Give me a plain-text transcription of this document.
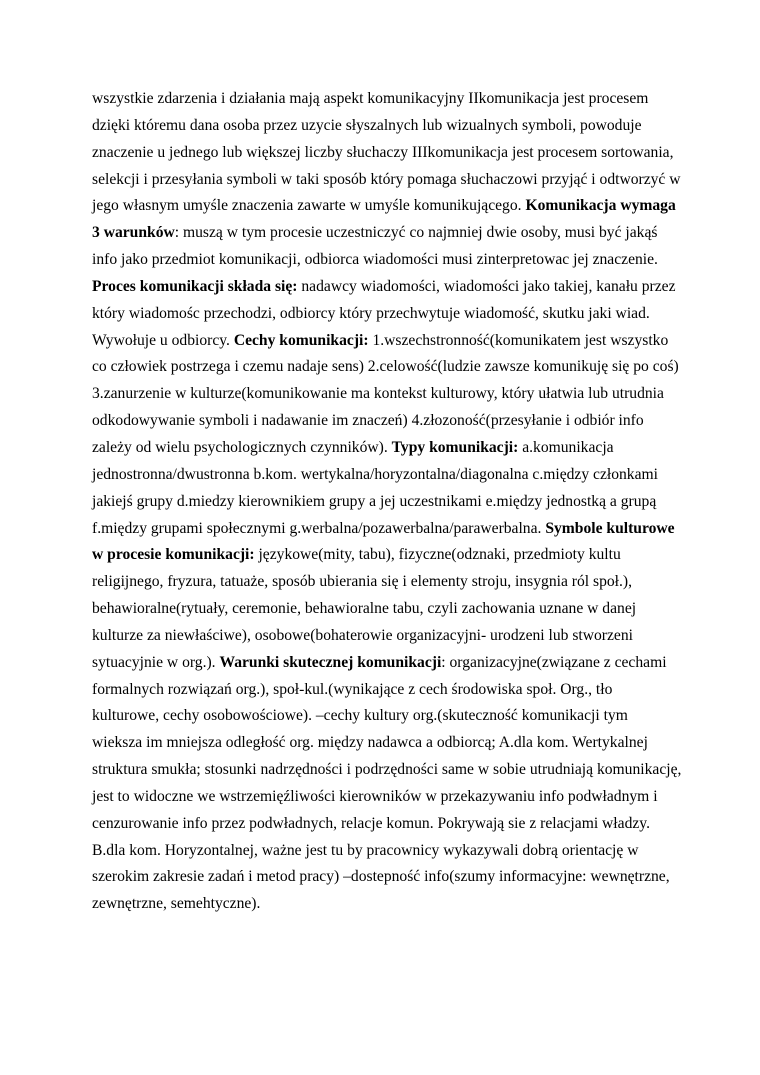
wszystkie zdarzenia i działania mają aspekt komunikacyjny IIkomunikacja jest procesem
dzięki któremu dana osoba przez uzycie słyszalnych lub wizualnych symboli, powoduje
znaczenie u jednego lub większej liczby słuchaczy IIIkomunikacja jest procesem sortowania,
selekcji i przesyłania symboli w taki sposób który pomaga słuchaczowi przyjąć i odtworzyć w
jego własnym umyśle znaczenia zawarte w umyśle komunikującego. Komunikacja wymaga
3 warunków: muszą w tym procesie uczestniczyć co najmniej dwie osoby, musi być jakąś
info jako przedmiot komunikacji, odbiorca wiadomości musi zinterpretowac jej znaczenie.
Proces komunikacji składa się: nadawcy wiadomości, wiadomości jako takiej, kanału przez
który wiadomośc przechodzi, odbiorcy który przechwytuje wiadomość, skutku jaki wiad.
Wywołuje u odbiorcy. Cechy komunikacji: 1.wszechstronność(komunikatem jest wszystko
co człowiek postrzega i czemu nadaje sens) 2.celowość(ludzie zawsze komunikuję się po coś)
3.zanurzenie w kulturze(komunikowanie ma kontekst kulturowy, który ułatwia lub utrudnia
odkodowywanie symboli i nadawanie im znaczeń) 4.złozoność(przesyłanie i odbiór info
zależy od wielu psychologicznych czynników). Typy komunikacji: a.komunikacja
jednostronna/dwustronna b.kom. wertykalna/horyzontalna/diagonalna c.między członkami
jakiejś grupy d.miedzy kierownikiem grupy a jej uczestnikami e.między jednostką a grupą
f.między grupami społecznymi g.werbalna/pozawerbalna/parawerbalna. Symbole kulturowe
w procesie komunikacji: językowe(mity, tabu), fizyczne(odznaki, przedmioty kultu
religijnego, fryzura, tatuaże, sposób ubierania się i elementy stroju, insygnia ról społ.),
behawioralne(rytuały, ceremonie, behawioralne tabu, czyli zachowania uznane w danej
kulturze za niewłaściwe), osobowe(bohaterowie organizacyjni- urodzeni lub stworzeni
sytuacyjnie w org.). Warunki skutecznej komunikacji: organizacyjne(związane z cechami
formalnych rozwiązań org.), społ-kul.(wynikające z cech środowiska społ. Org., tło
kulturowe, cechy osobowościowe). –cechy kultury org.(skuteczność komunikacji tym
wieksza im mniejsza odległość org. między nadawca a odbiorcą; A.dla kom. Wertykalnej
struktura smukła; stosunki nadrzędności i podrzędności same w sobie utrudniają komunikację,
jest to widoczne we wstrzemięźliwości kierowników w przekazywaniu info podwładnym i
cenzurowanie info przez podwładnych, relacje komun. Pokrywają sie z relacjami władzy.
B.dla kom. Horyzontalnej, ważne jest tu by pracownicy wykazywali dobrą orientację w
szerokim zakresie zadań i metod pracy) –dostepność info(szumy informacyjne: wewnętrzne,
zewnętrzne, semehtyczne).
